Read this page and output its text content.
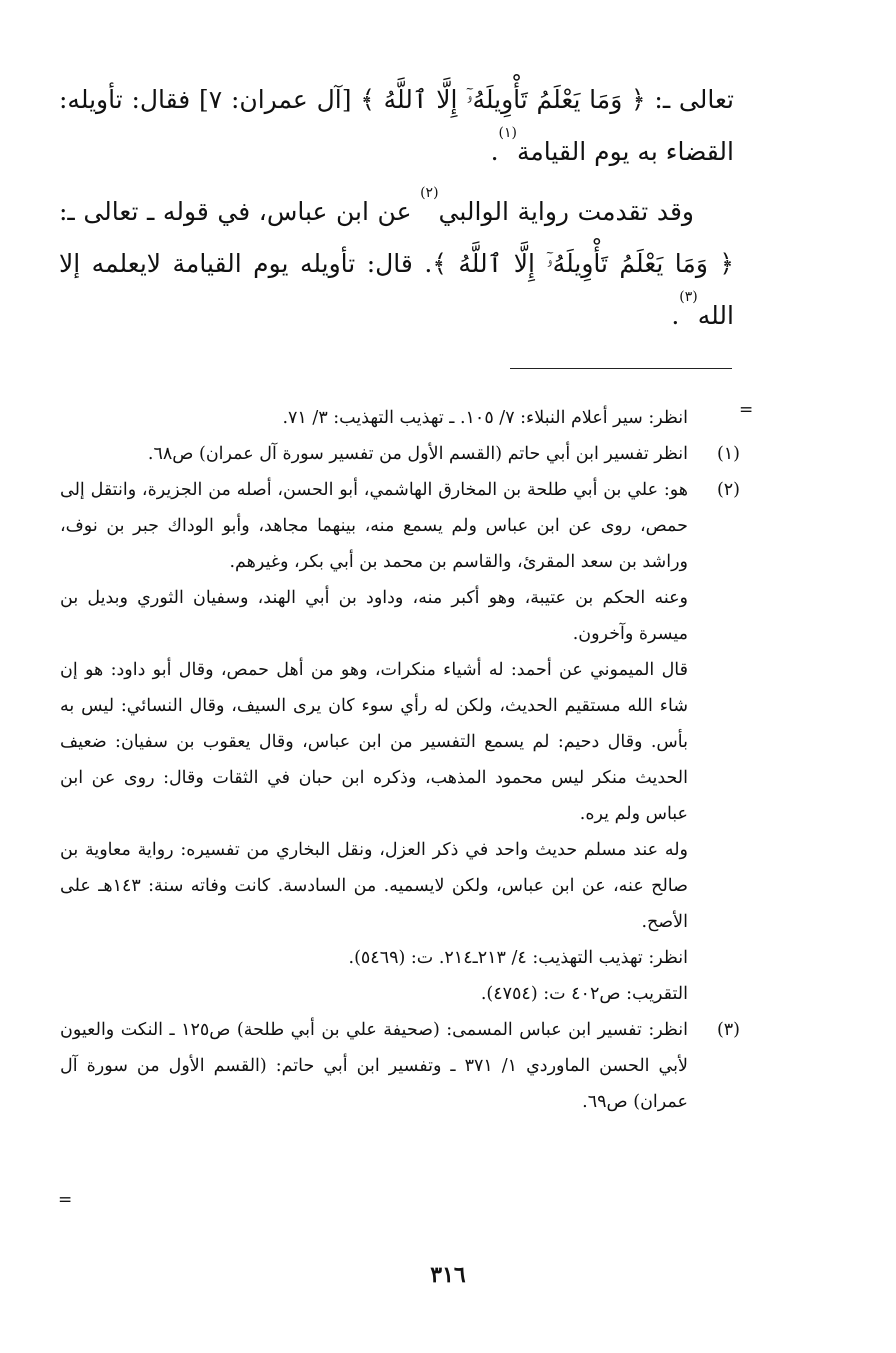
تعالى ـ: ﴿ وَمَا يَعْلَمُ تَأْوِيلَهُۥٓ إِلَّا ٱللَّهُ ﴾ [آل عمران: ٧] فقال: تأويله: القضاء به يوم القيامة$^{(١)}$.

وقد تقدمت رواية الوالبي$^{(٢)}$ عن ابن عباس، في قوله ـ تعالى ـ: ﴿ وَمَا يَعْلَمُ تَأْوِيلَهُۥٓ إِلَّا ٱللَّهُ ﴾. قال: تأويله يوم القيامة لايعلمه إلا الله$^{(٣)}$.

=

انظر: سير أعلام النبلاء: ٧/ ١٠٥. ـ تهذيب التهذيب: ٣/ ٧١.

(١)

انظر تفسير ابن أبي حاتم (القسم الأول من تفسير سورة آل عمران) ص٦٨.

(٢)

هو: علي بن أبي طلحة بن المخارق الهاشمي، أبو الحسن، أصله من الجزيرة، وانتقل إلى حمص، روى عن ابن عباس ولم يسمع منه، بينهما مجاهد، وأبو الوداك جبر بن نوف، وراشد بن سعد المقرئ، والقاسم بن محمد بن أبي بكر، وغيرهم.

وعنه الحكم بن عتيبة، وهو أكبر منه، وداود بن أبي الهند، وسفيان الثوري وبديل بن ميسرة وآخرون.

قال الميموني عن أحمد: له أشياء منكرات، وهو من أهل حمص، وقال أبو داود: هو إن شاء الله مستقيم الحديث، ولكن له رأي سوء كان يرى السيف، وقال النسائي: ليس به بأس. وقال دحيم: لم يسمع التفسير من ابن عباس، وقال يعقوب بن سفيان: ضعيف الحديث منكر ليس محمود المذهب، وذكره ابن حبان في الثقات وقال: روى عن ابن عباس ولم يره.

وله عند مسلم حديث واحد في ذكر العزل، ونقل البخاري من تفسيره: رواية معاوية بن صالح عنه، عن ابن عباس، ولكن لايسميه. من السادسة. كانت وفاته سنة: ١٤٣هـ على الأصح.

انظر: تهذيب التهذيب: ٤/ ٢١٣ـ٢١٤. ت: (٥٤٦٩).

التقريب: ص٤٠٢ ت: (٤٧٥٤).

(٣)

انظر: تفسير ابن عباس المسمى: (صحيفة علي بن أبي طلحة) ص١٢٥ ـ النكت والعيون لأبي الحسن الماوردي ١/ ٣٧١ ـ وتفسير ابن أبي حاتم: (القسم الأول من سورة آل عمران) ص٦٩.

=
٣١٦
